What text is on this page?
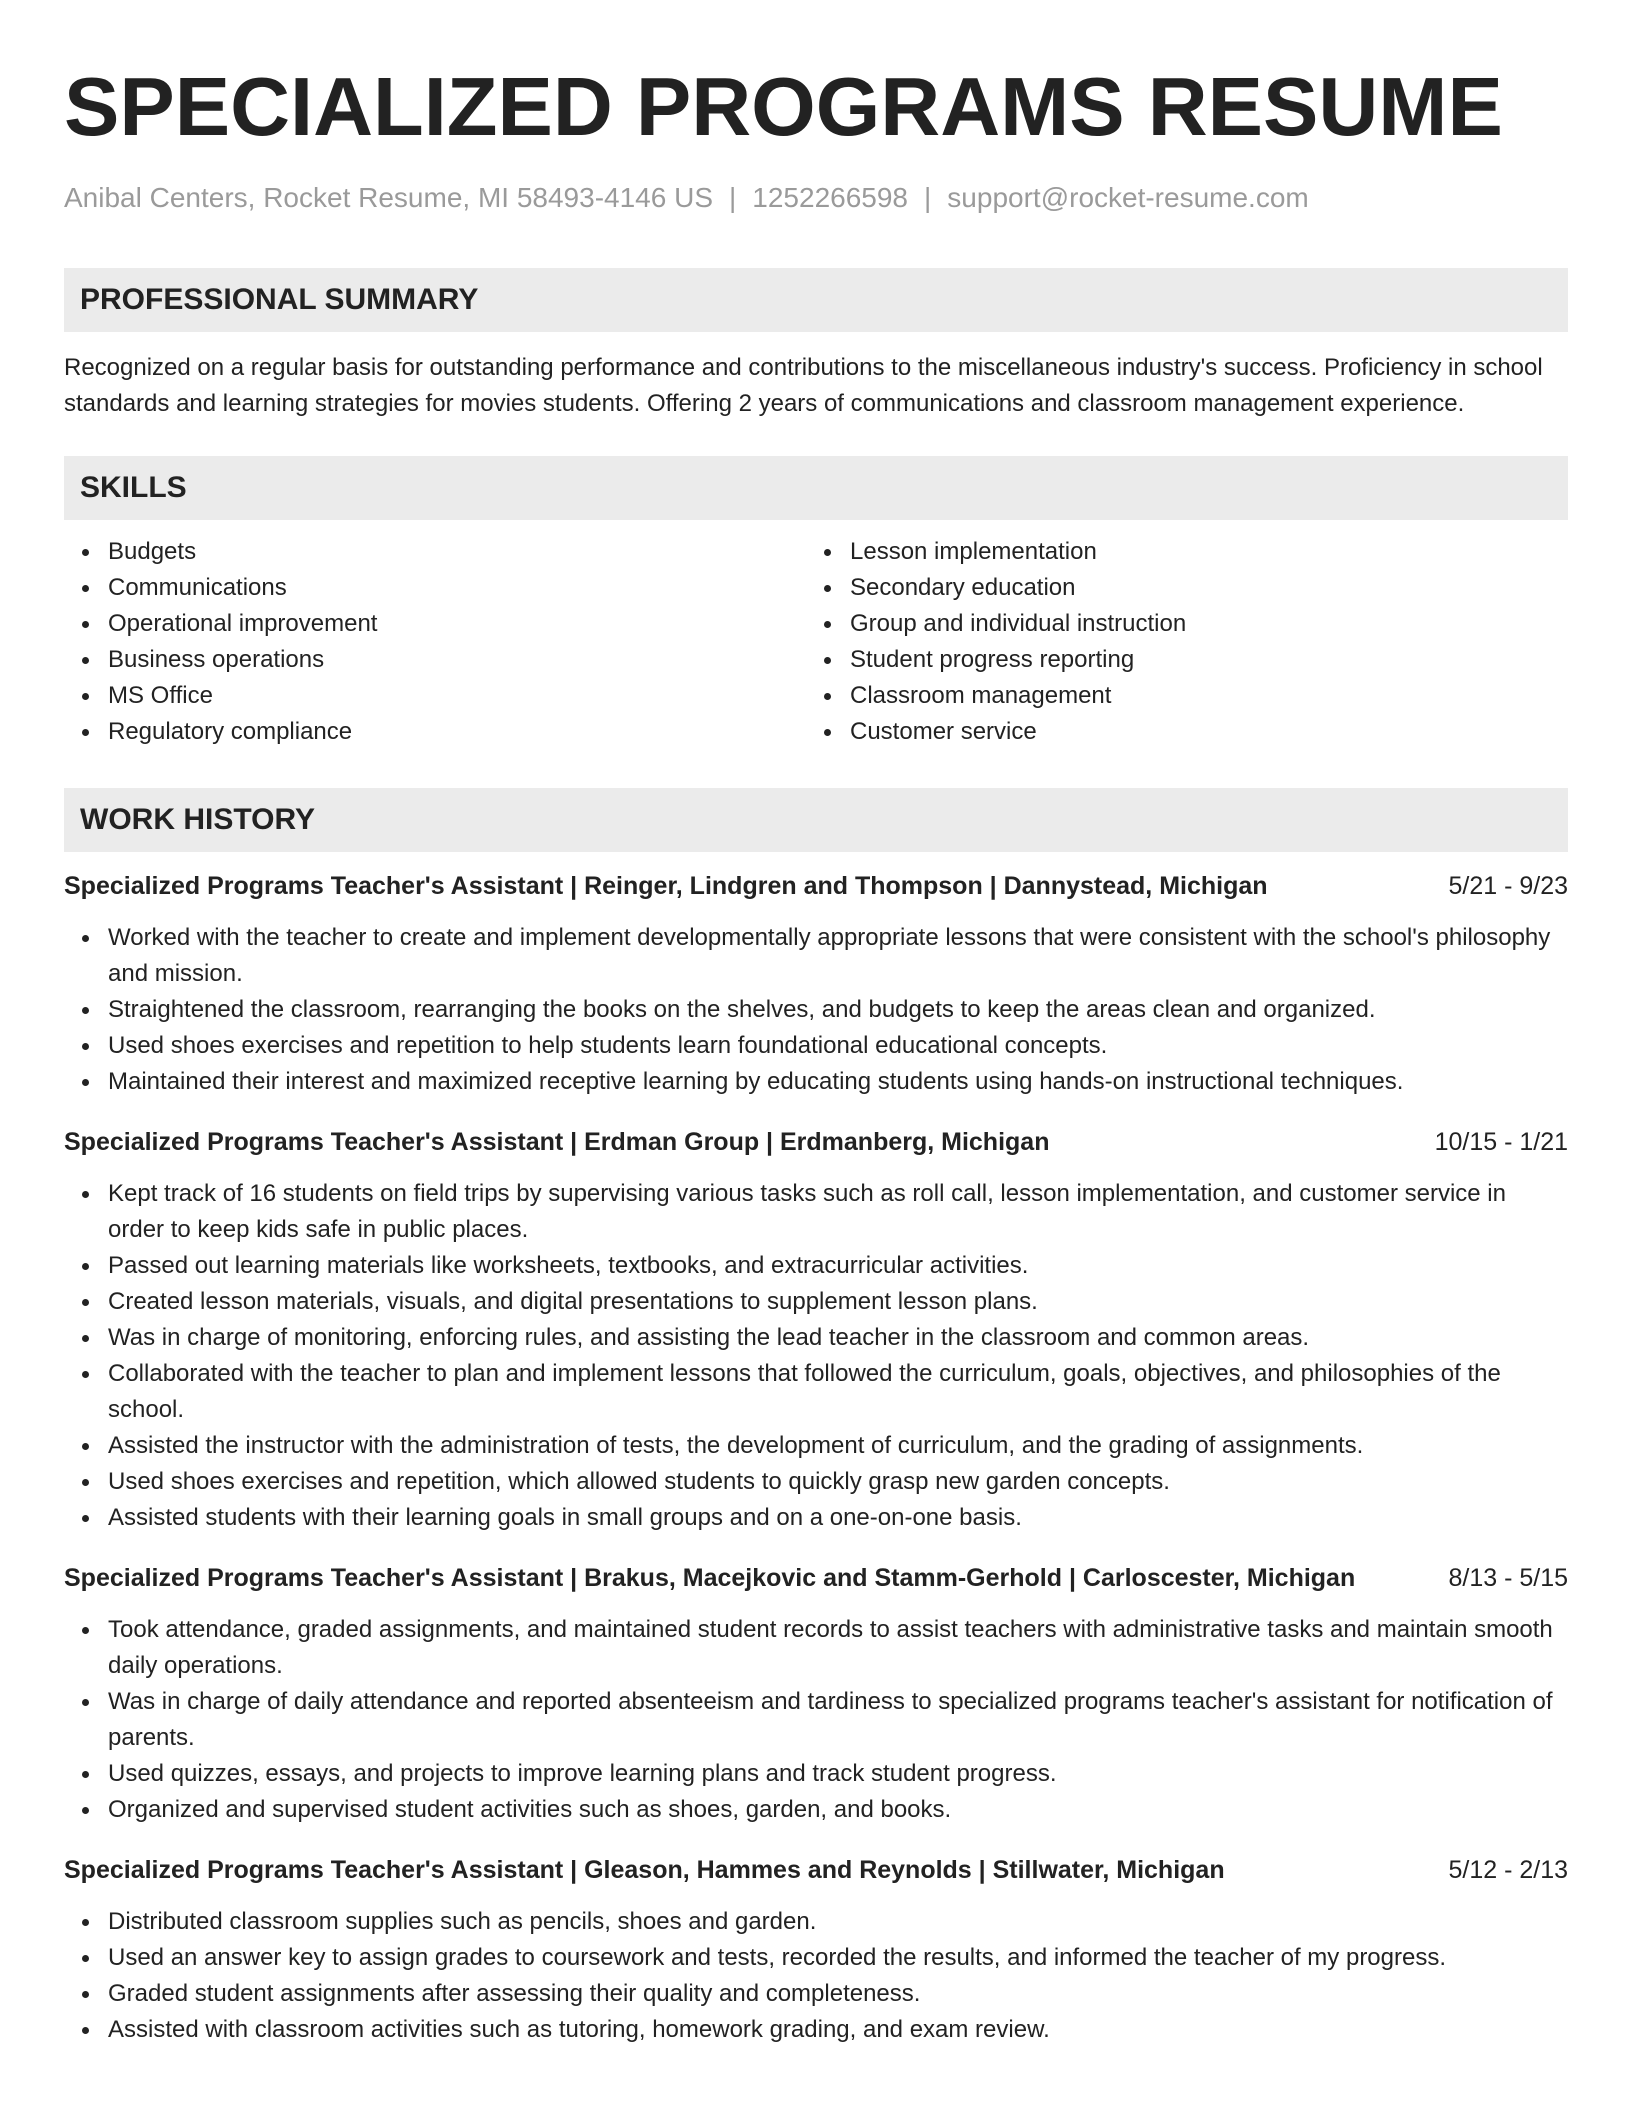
SPECIALIZED PROGRAMS RESUME
Anibal Centers, Rocket Resume, MI 58493-4146 US | 1252266598 | support@rocket-resume.com
PROFESSIONAL SUMMARY
Recognized on a regular basis for outstanding performance and contributions to the miscellaneous industry's success. Proficiency in school standards and learning strategies for movies students. Offering 2 years of communications and classroom management experience.
SKILLS
Budgets
Communications
Operational improvement
Business operations
MS Office
Regulatory compliance
Lesson implementation
Secondary education
Group and individual instruction
Student progress reporting
Classroom management
Customer service
WORK HISTORY
Specialized Programs Teacher's Assistant | Reinger, Lindgren and Thompson | Dannystead, Michigan	5/21 - 9/23
Worked with the teacher to create and implement developmentally appropriate lessons that were consistent with the school's philosophy and mission.
Straightened the classroom, rearranging the books on the shelves, and budgets to keep the areas clean and organized.
Used shoes exercises and repetition to help students learn foundational educational concepts.
Maintained their interest and maximized receptive learning by educating students using hands-on instructional techniques.
Specialized Programs Teacher's Assistant | Erdman Group | Erdmanberg, Michigan	10/15 - 1/21
Kept track of 16 students on field trips by supervising various tasks such as roll call, lesson implementation, and customer service in order to keep kids safe in public places.
Passed out learning materials like worksheets, textbooks, and extracurricular activities.
Created lesson materials, visuals, and digital presentations to supplement lesson plans.
Was in charge of monitoring, enforcing rules, and assisting the lead teacher in the classroom and common areas.
Collaborated with the teacher to plan and implement lessons that followed the curriculum, goals, objectives, and philosophies of the school.
Assisted the instructor with the administration of tests, the development of curriculum, and the grading of assignments.
Used shoes exercises and repetition, which allowed students to quickly grasp new garden concepts.
Assisted students with their learning goals in small groups and on a one-on-one basis.
Specialized Programs Teacher's Assistant | Brakus, Macejkovic and Stamm-Gerhold | Carloscester, Michigan	8/13 - 5/15
Took attendance, graded assignments, and maintained student records to assist teachers with administrative tasks and maintain smooth daily operations.
Was in charge of daily attendance and reported absenteeism and tardiness to specialized programs teacher's assistant for notification of parents.
Used quizzes, essays, and projects to improve learning plans and track student progress.
Organized and supervised student activities such as shoes, garden, and books.
Specialized Programs Teacher's Assistant | Gleason, Hammes and Reynolds | Stillwater, Michigan	5/12 - 2/13
Distributed classroom supplies such as pencils, shoes and garden.
Used an answer key to assign grades to coursework and tests, recorded the results, and informed the teacher of my progress.
Graded student assignments after assessing their quality and completeness.
Assisted with classroom activities such as tutoring, homework grading, and exam review.
